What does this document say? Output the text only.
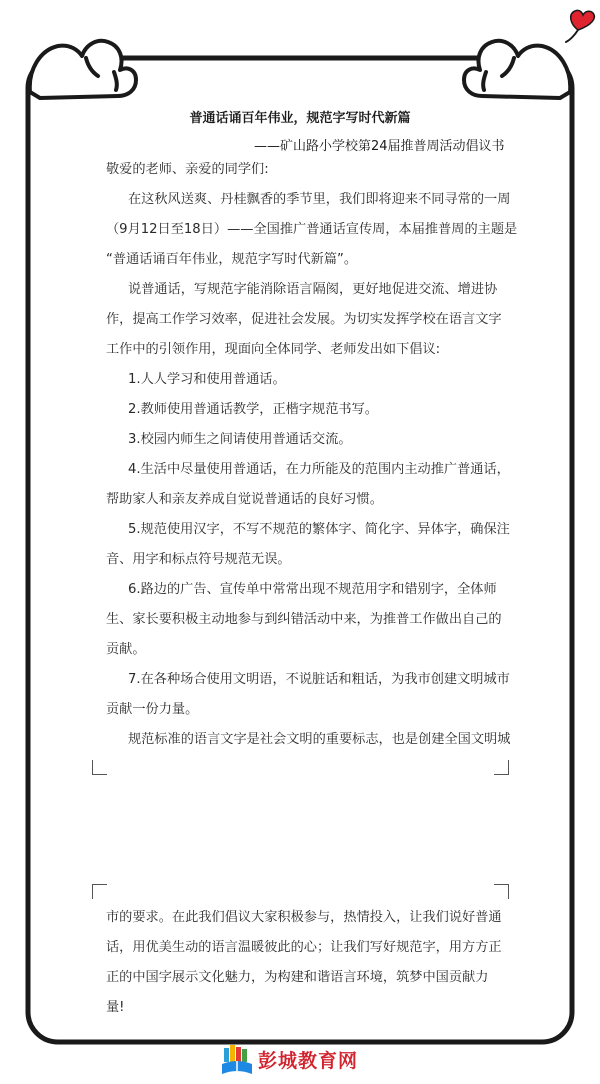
普通话诵百年伟业，规范字写时代新篇
——矿山路小学校第24届推普周活动倡议书
敬爱的老师、亲爱的同学们:
在这秋风送爽、丹桂飘香的季节里，我们即将迎来不同寻常的一周
（9月12日至18日）——全国推广普通话宣传周，本届推普周的主题是
“普通话诵百年伟业，规范字写时代新篇”。
说普通话，写规范字能消除语言隔阂，更好地促进交流、增进协
作，提高工作学习效率，促进社会发展。为切实发挥学校在语言文字
工作中的引领作用，现面向全体同学、老师发出如下倡议:
1.人人学习和使用普通话。
2.教师使用普通话教学，正楷字规范书写。
3.校园内师生之间请使用普通话交流。
4.生活中尽量使用普通话，在力所能及的范围内主动推广普通话，
帮助家人和亲友养成自觉说普通话的良好习惯。
5.规范使用汉字，不写不规范的繁体字、简化字、异体字，确保注
音、用字和标点符号规范无误。
6.路边的广告、宣传单中常常出现不规范用字和错别字，全体师
生、家长要积极主动地参与到纠错活动中来，为推普工作做出自己的
贡献。
7.在各种场合使用文明语，不说脏话和粗话，为我市创建文明城市
贡献一份力量。
规范标准的语言文字是社会文明的重要标志，也是创建全国文明城
市的要求。在此我们倡议大家积极参与，热情投入，让我们说好普通
话，用优美生动的语言温暖彼此的心；让我们写好规范字，用方方正
正的中国字展示文化魅力，为构建和谐语言环境，筑梦中国贡献力
量!
彭城教育网
